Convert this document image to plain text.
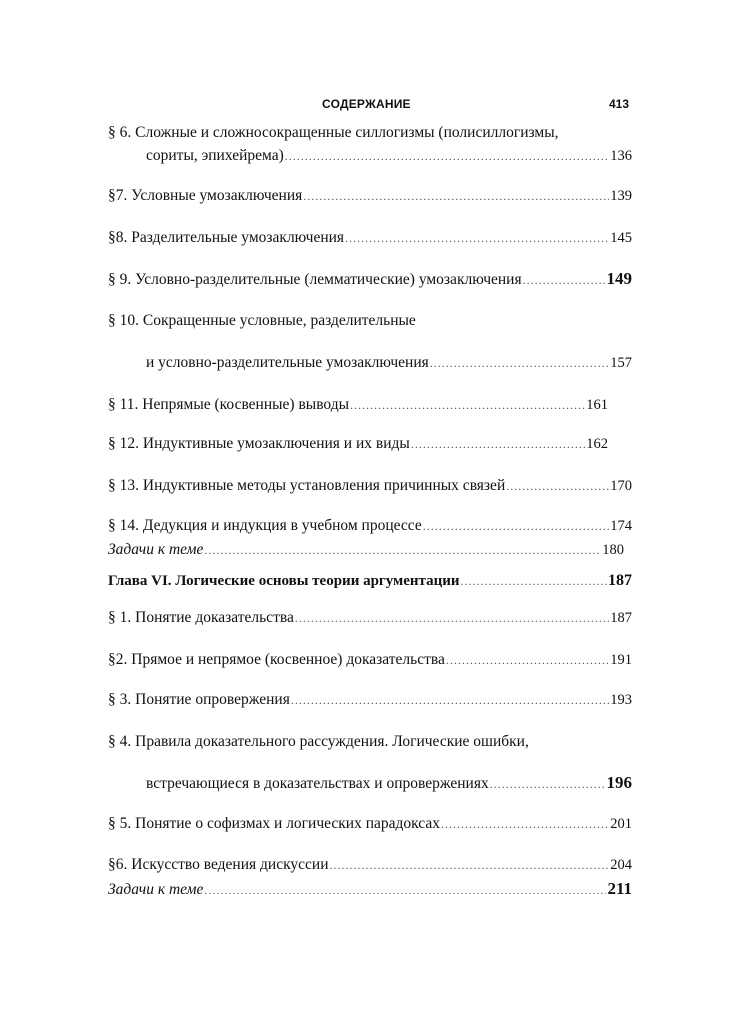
СОДЕРЖАНИЕ	413
§ 6. Сложные и сложносокращенные силлогизмы (полисиллогизмы,
сориты, эпихейрема) .....	136
§7. Условные умозаключения .....	139
§8. Разделительные умозаключения .....	145
§ 9. Условно-разделительные (лемматические) умозаключения .....	149
§ 10. Сокращенные условные, разделительные
и условно-разделительные умозаключения .....	157
§ 11. Непрямые (косвенные) выводы .....	161
§ 12. Индуктивные умозаключения и их виды .....	162
§ 13. Индуктивные методы установления причинных связей .....	170
§ 14. Дедукция и индукция в учебном процессе .....	174
Задачи к теме .....	180
Глава VI. Логические основы теории аргументации .....	187
§ 1. Понятие доказательства .....	187
§2. Прямое и непрямое (косвенное) доказательства .....	191
§ 3. Понятие опровержения .....	193
§ 4. Правила доказательного рассуждения. Логические ошибки,
встречающиеся в доказательствах и опровержениях .....	196
§ 5. Понятие о софизмах и логических парадоксах .....	201
§6. Искусство ведения дискуссии .....	204
Задачи к теме .....	211
